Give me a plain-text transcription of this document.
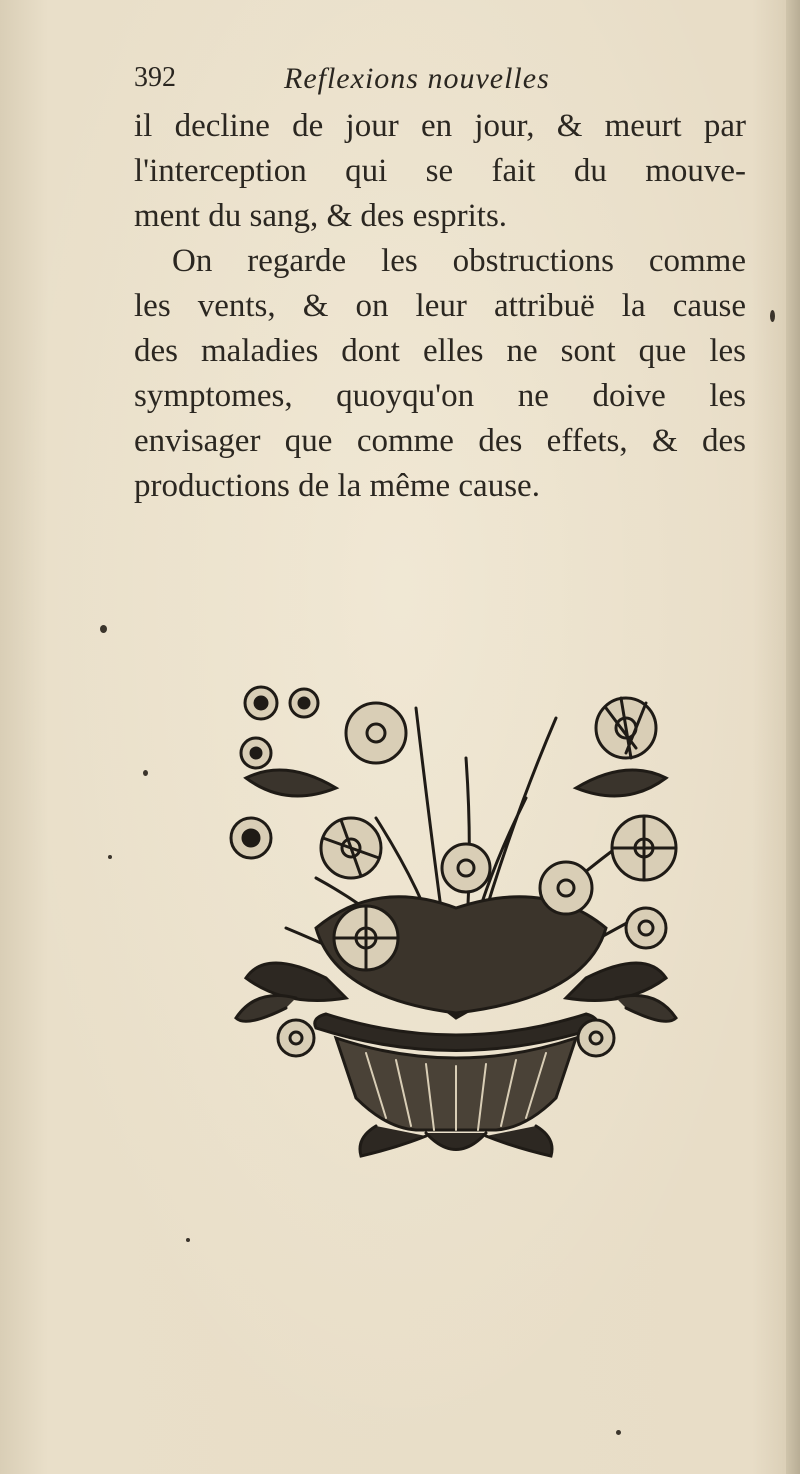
392	Reflexions nouvelles

il decline de jour en jour, & meurt par

l'interception qui se fait du mouve-

ment du sang, & des esprits.

On regarde les obstructions comme

les vents, & on leur attribuë la cause

des maladies dont elles ne sont que les

symptomes, quoyqu'on ne doive les

envisager que comme des effets, & des

productions de la même cause.
